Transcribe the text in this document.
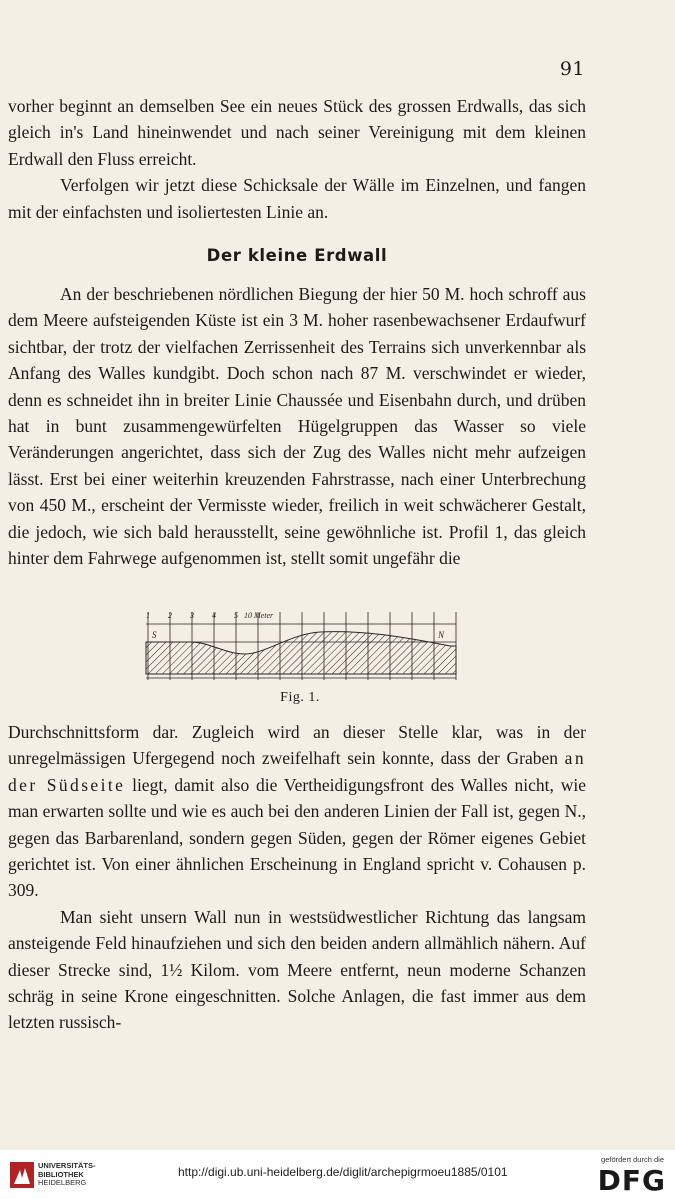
91

vorher beginnt an demselben See ein neues Stück des grossen Erdwalls, das sich gleich in's Land hineinwendet und nach seiner Vereinigung mit dem kleinen Erdwall den Fluss erreicht.

Verfolgen wir jetzt diese Schicksale der Wälle im Einzelnen, und fangen mit der einfachsten und isoliertesten Linie an.

Der kleine Erdwall

An der beschriebenen nördlichen Biegung der hier 50 M. hoch schroff aus dem Meere aufsteigenden Küste ist ein 3 M. hoher rasenbewachsener Erdaufwurf sichtbar, der trotz der vielfachen Zerrissenheit des Terrains sich unverkennbar als Anfang des Walles kundgibt. Doch schon nach 87 M. verschwindet er wieder, denn es schneidet ihn in breiter Linie Chaussée und Eisenbahn durch, und drüben hat in bunt zusammengewürfelten Hügelgruppen das Wasser so viele Veränderungen angerichtet, dass sich der Zug des Walles nicht mehr aufzeigen lässt. Erst bei einer weiterhin kreuzenden Fahrstrasse, nach einer Unterbrechung von 450 M., erscheint der Vermisste wieder, freilich in weit schwächerer Gestalt, die jedoch, wie sich bald herausstellt, seine gewöhnliche ist. Profil 1, das gleich hinter dem Fahrwege aufgenommen ist, stellt somit ungefähr die

1 2 3 4 5 10 Meter
S	N
Fig. 1.

Durchschnittsform dar. Zugleich wird an dieser Stelle klar, was in der unregelmässigen Ufergegend noch zweifelhaft sein konnte, dass der Graben an der Südseite liegt, damit also die Vertheidigungsfront des Walles nicht, wie man erwarten sollte und wie es auch bei den anderen Linien der Fall ist, gegen N., gegen das Barbarenland, sondern gegen Süden, gegen der Römer eigenes Gebiet gerichtet ist. Von einer ähnlichen Erscheinung in England spricht v. Cohausen p. 309.

Man sieht unsern Wall nun in westsüdwestlicher Richtung das langsam ansteigende Feld hinaufziehen und sich den beiden andern allmählich nähern. Auf dieser Strecke sind, 1½ Kilom. vom Meere entfernt, neun moderne Schanzen schräg in seine Krone eingeschnitten. Solche Anlagen, die fast immer aus dem letzten russisch-

UNIVERSITÄTS-
BIBLIOTHEK
HEIDELBERG
http://digi.ub.uni-heidelberg.de/diglit/archepigrmoeu1885/0101
gefördert durch die
DFG
